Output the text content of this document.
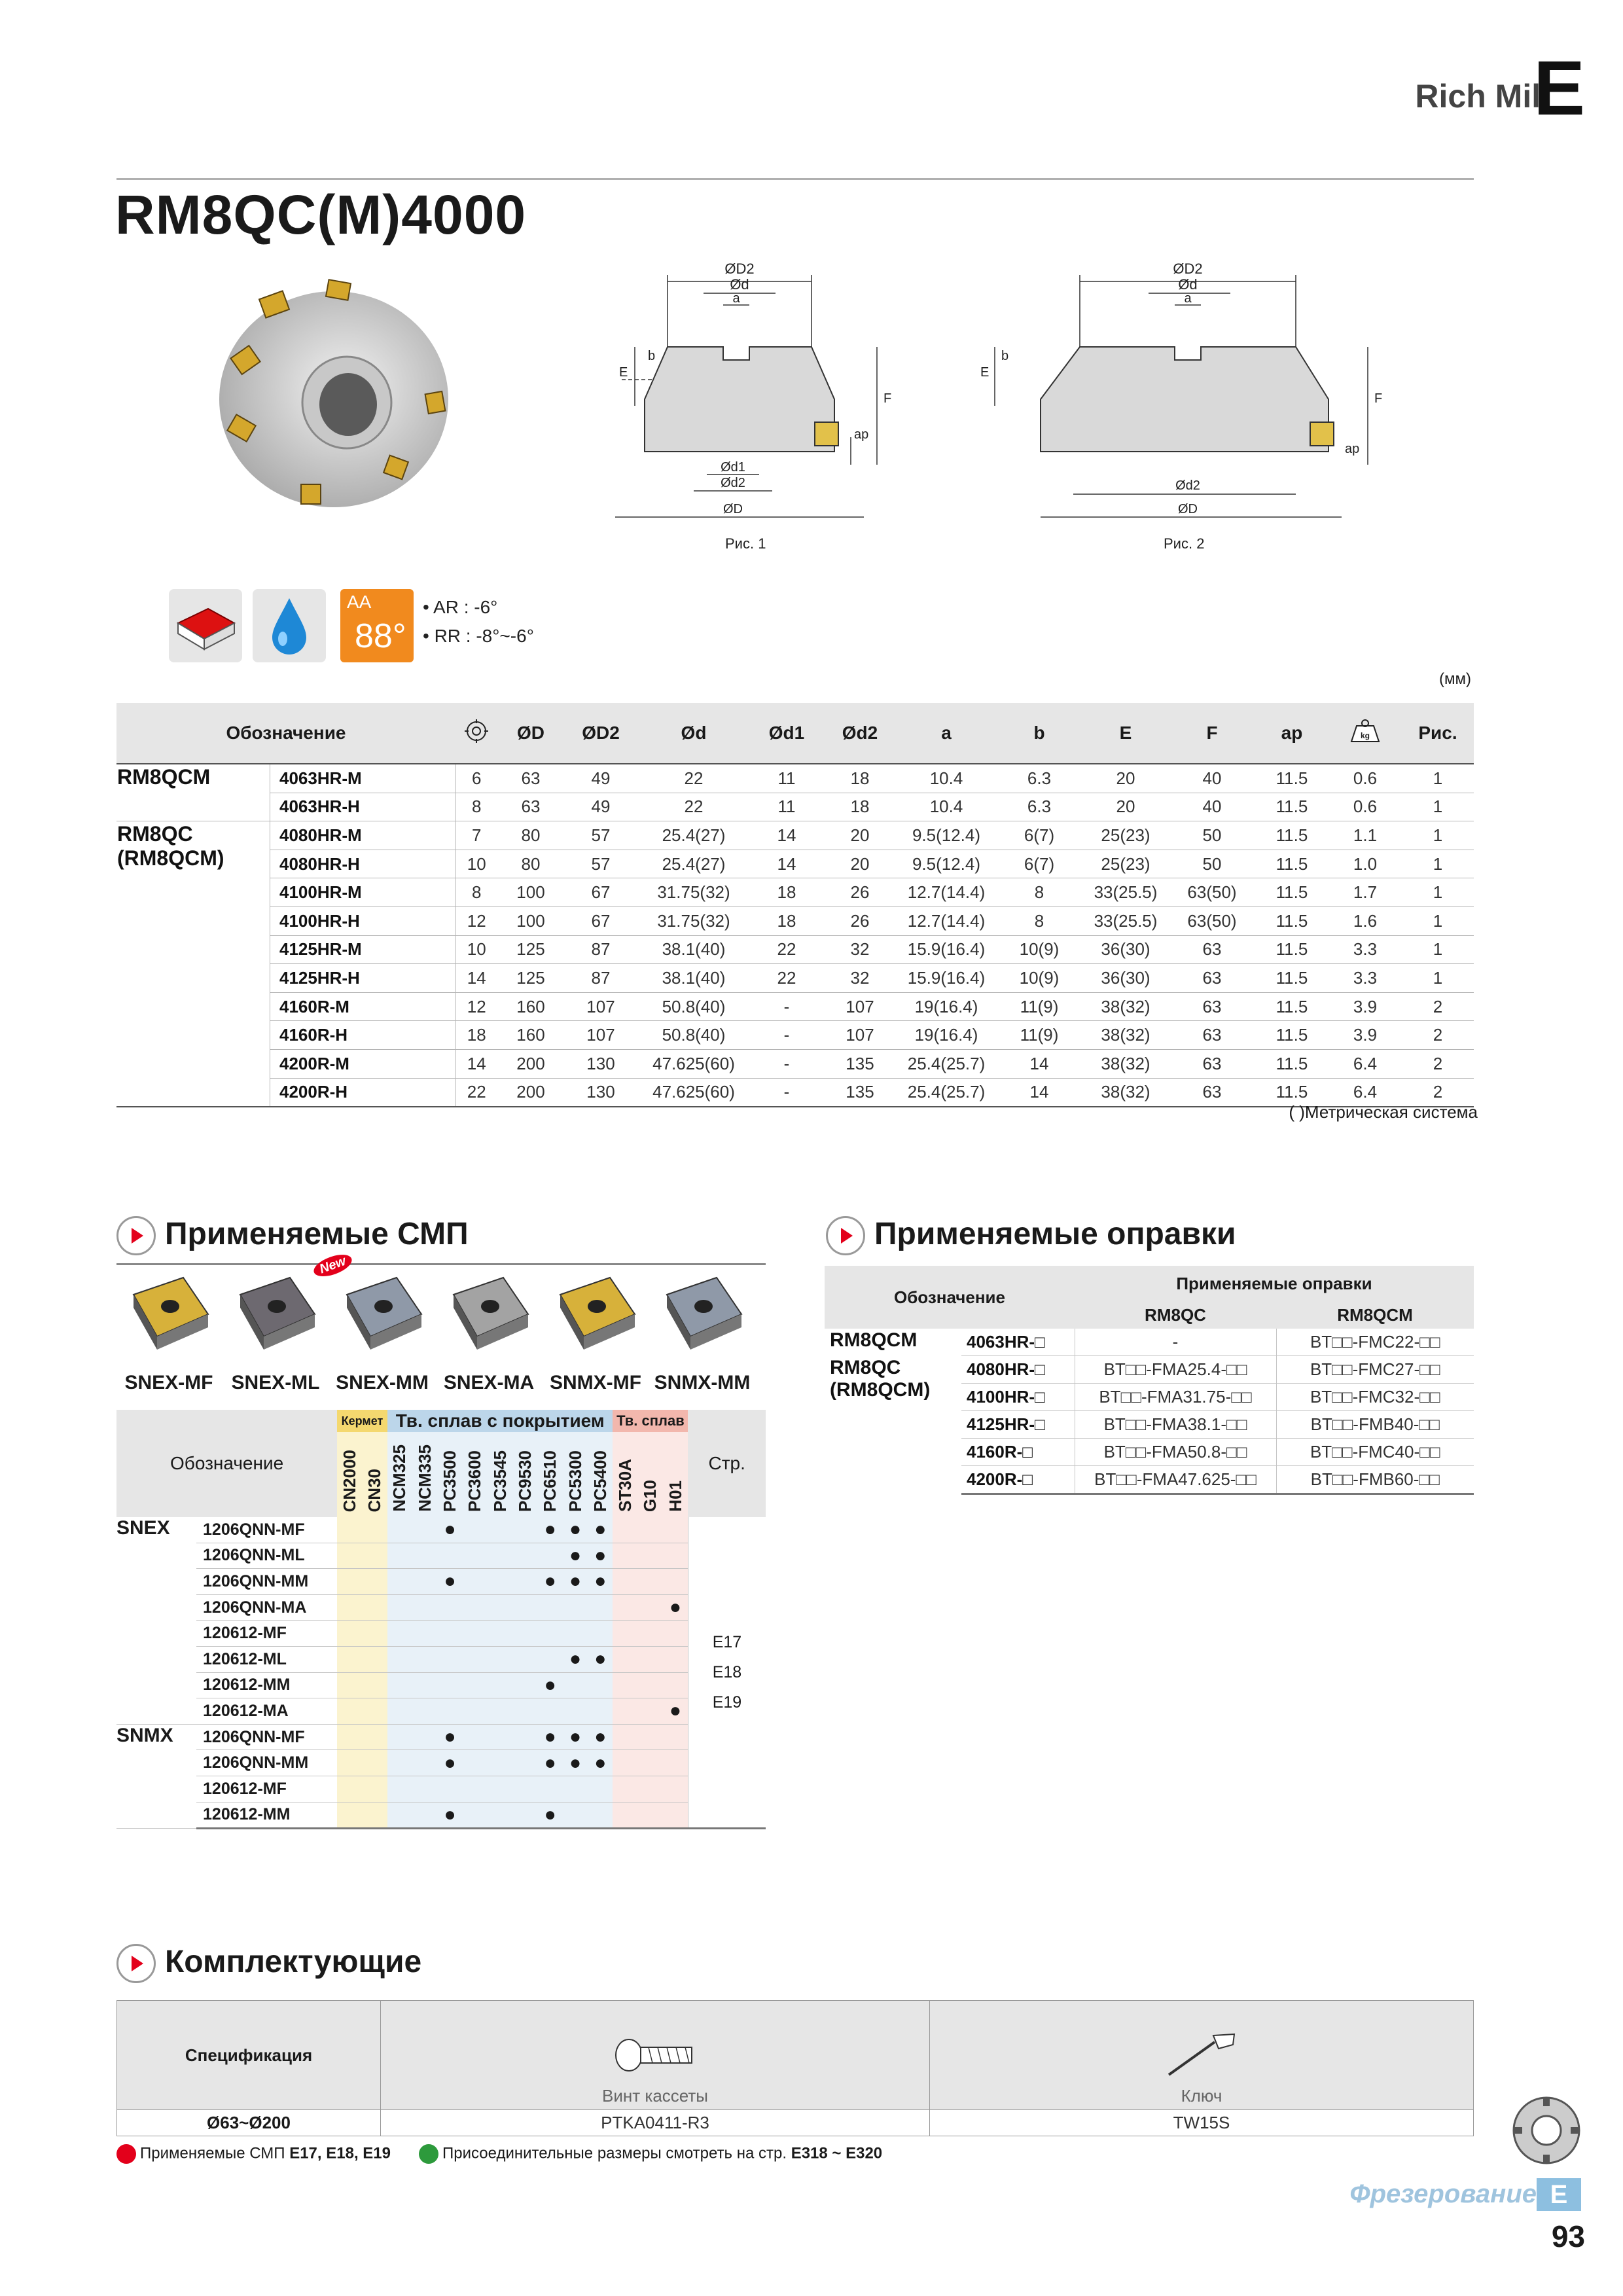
Rich Mill
E
RM8QC(M)4000
ØD2
Ød
a
b
E
F
ap
Ød1
Ød2
ØD
Рис. 1
ØD2
Ød
a
b
E
F
ap
Ød2
ØD
Рис. 2
AA
88°
• AR : -6°
• RR : -8°~-6°
(мм)
Обозначение			ØD	ØD2	Ød	Ød1	Ød2	a	b	E	F	ap	kg	Рис.
RM8QCM	4063HR-M	6	63	49	22	11	18	10.4	6.3	20	40	11.5	0.6	1
	4063HR-H	8	63	49	22	11	18	10.4	6.3	20	40	11.5	0.6	1
RM8QC
(RM8QCM)	4080HR-M	7	80	57	25.4(27)	14	20	9.5(12.4)	6(7)	25(23)	50	11.5	1.1	1
	4080HR-H	10	80	57	25.4(27)	14	20	9.5(12.4)	6(7)	25(23)	50	11.5	1.0	1
	4100HR-M	8	100	67	31.75(32)	18	26	12.7(14.4)	8	33(25.5)	63(50)	11.5	1.7	1
	4100HR-H	12	100	67	31.75(32)	18	26	12.7(14.4)	8	33(25.5)	63(50)	11.5	1.6	1
	4125HR-M	10	125	87	38.1(40)	22	32	15.9(16.4)	10(9)	36(30)	63	11.5	3.3	1
	4125HR-H	14	125	87	38.1(40)	22	32	15.9(16.4)	10(9)	36(30)	63	11.5	3.3	1
	4160R-M	12	160	107	50.8(40)	-	107	19(16.4)	11(9)	38(32)	63	11.5	3.9	2
	4160R-H	18	160	107	50.8(40)	-	107	19(16.4)	11(9)	38(32)	63	11.5	3.9	2
	4200R-M	14	200	130	47.625(60)	-	135	25.4(25.7)	14	38(32)	63	11.5	6.4	2
	4200R-H	22	200	130	47.625(60)	-	135	25.4(25.7)	14	38(32)	63	11.5	6.4	2
( )Метрическая система
Применяемые СМП
SNEX-MF SNEX-ML SNEX-MM SNEX-MA SNMX-MF SNMX-MM
New
Обозначение		Кермет		Тв. сплав с покрытием									Тв. сплав			Стр.
		CN2000	CN30	NCM325	NCM335	PC3500	PC3600	PC3545	PC9530	PC6510	PC5300	PC5400	ST30A	G10	H01	
SNEX	1206QNN-MF					●				●	●	●				E17
E18
E19

	1206QNN-ML										●	●				
	1206QNN-MM					●				●	●	●				
	1206QNN-MA														●	
	120612-MF															
	120612-ML										●	●				
	120612-MM									●						
	120612-MA														●	
SNMX	1206QNN-MF					●				●	●	●				
	1206QNN-MM					●				●	●	●				
	120612-MF															
	120612-MM					●				●						
Применяемые оправки
Обозначение		Применяемые оправки	
		RM8QC	RM8QCM
RM8QCM	4063HR-□	-	BT□□-FMC22-□□
RM8QC
(RM8QCM)	4080HR-□	BT□□-FMA25.4-□□	BT□□-FMC27-□□
	4100HR-□	BT□□-FMA31.75-□□	BT□□-FMC32-□□
	4125HR-□	BT□□-FMA38.1-□□	BT□□-FMB40-□□
	4160R-□	BT□□-FMA50.8-□□	BT□□-FMC40-□□
	4200R-□	BT□□-FMA47.625-□□	BT□□-FMB60-□□
Комплектующие
Спецификация	Винт кассеты	Ключ

Ø63~Ø200	PTKA0411-R3	TW15S
Применяемые СМП E17, E18, E19	Присоединительные размеры смотреть на стр. E318 ~ E320
Фрезерование E
93
